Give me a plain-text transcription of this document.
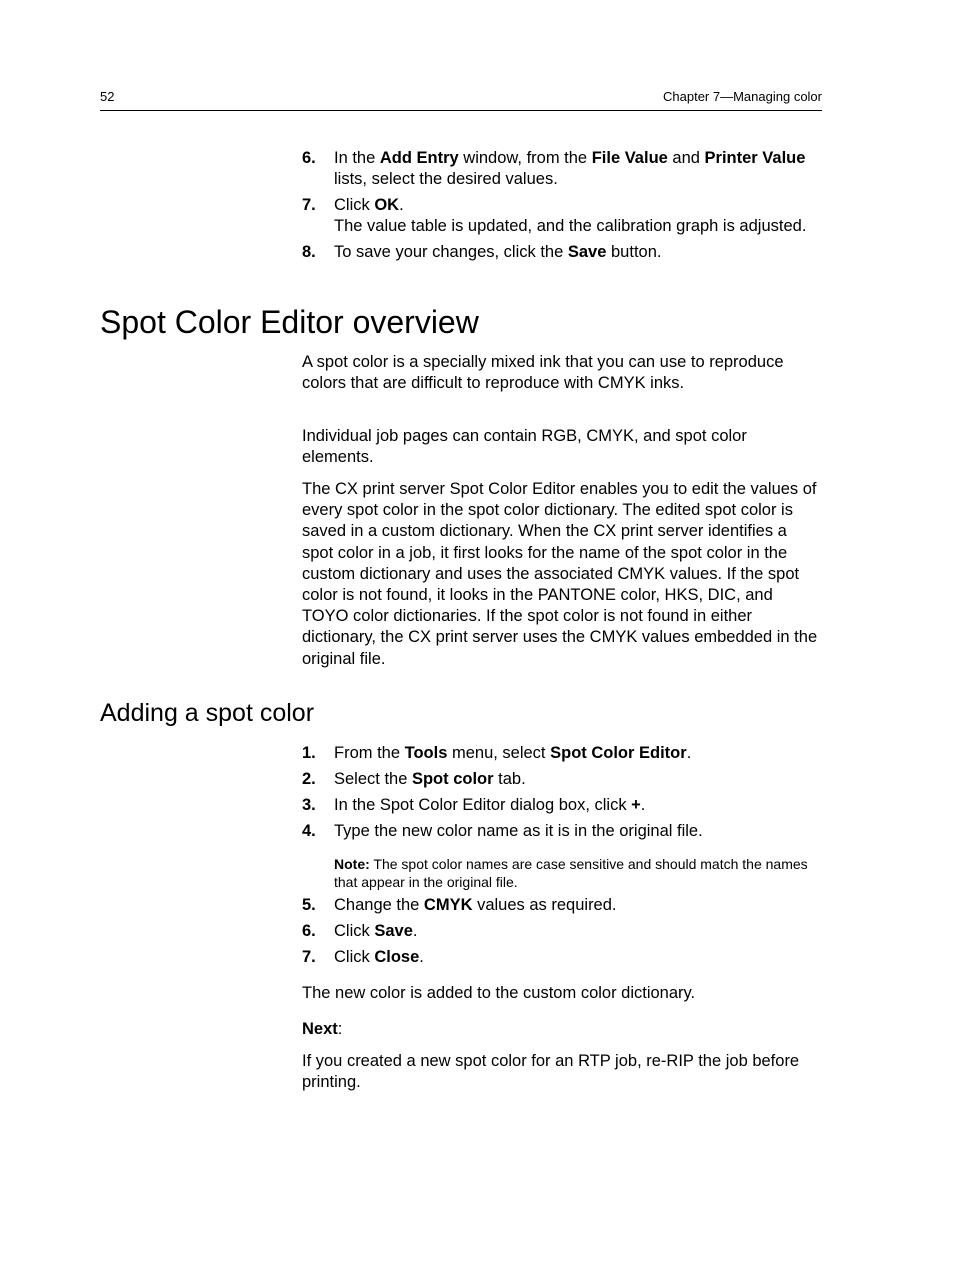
52	Chapter 7—Managing color
6. In the Add Entry window, from the File Value and Printer Value lists, select the desired values.
7. Click OK.
The value table is updated, and the calibration graph is adjusted.
8. To save your changes, click the Save button.
Spot Color Editor overview

A spot color is a specially mixed ink that you can use to reproduce colors that are difficult to reproduce with CMYK inks.

Individual job pages can contain RGB, CMYK, and spot color elements.

The CX print server Spot Color Editor enables you to edit the values of every spot color in the spot color dictionary. The edited spot color is saved in a custom dictionary. When the CX print server identifies a spot color in a job, it first looks for the name of the spot color in the custom dictionary and uses the associated CMYK values. If the spot color is not found, it looks in the PANTONE color, HKS, DIC, and TOYO color dictionaries. If the spot color is not found in either dictionary, the CX print server uses the CMYK values embedded in the original file.

Adding a spot color
1. From the Tools menu, select Spot Color Editor.
2. Select the Spot color tab.
3. In the Spot Color Editor dialog box, click +.
4. Type the new color name as it is in the original file.

Note: The spot color names are case sensitive and should match the names that appear in the original file.

5. Change the CMYK values as required.
6. Click Save.
7. Click Close.

The new color is added to the custom color dictionary.

Next:

If you created a new spot color for an RTP job, re-RIP the job before printing.
